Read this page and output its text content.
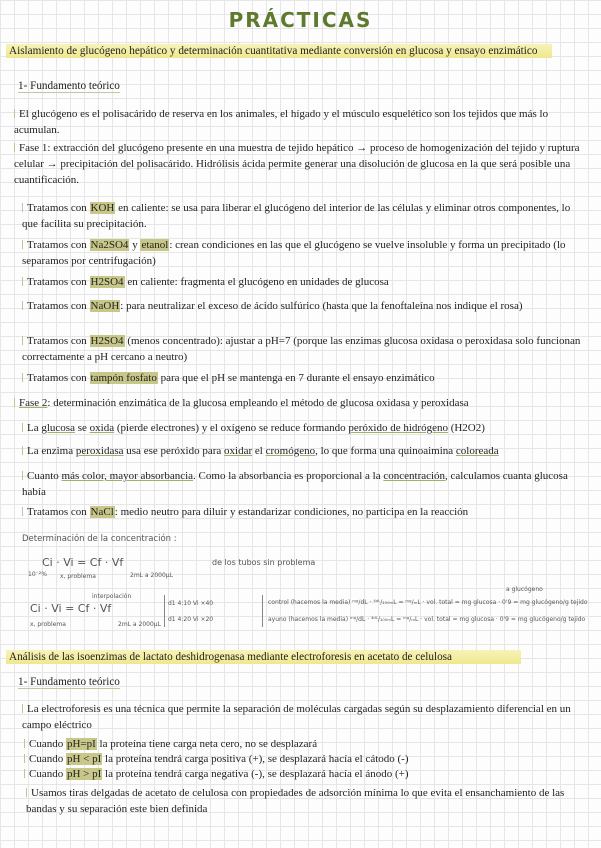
PRÁCTICAS
Aislamiento de glucógeno hepático y determinación cuantitativa mediante conversión en glucosa y ensayo enzimático
1- Fundamento teórico
El glucógeno es el polisacárido de reserva en los animales, el hígado y el músculo esquelético son los tejidos que más lo acumulan.
Fase 1: extracción del glucógeno presente en una muestra de tejido hepático → proceso de homogenización del tejido y ruptura celular → precipitación del polisacárido. Hidrólisis ácida permite generar una disolución de glucosa en la que será posible una cuantificación.
Tratamos con KOH en caliente: se usa para liberar el glucógeno del interior de las células y eliminar otros componentes, lo que facilita su precipitación.
Tratamos con Na2SO4 y etanol: crean condiciones en las que el glucógeno se vuelve insoluble y forma un precipitado (lo separamos por centrifugación)
Tratamos con H2SO4 en caliente: fragmenta el glucógeno en unidades de glucosa
Tratamos con NaOH: para neutralizar el exceso de ácido sulfúrico (hasta que la fenoftaleína nos indique el rosa)
Tratamos con H2SO4 (menos concentrado): ajustar a pH=7 (porque las enzimas glucosa oxidasa o peroxidasa solo funcionan correctamente a pH cercano a neutro)
Tratamos con tampón fosfato para que el pH se mantenga en 7 durante el ensayo enzimático
Fase 2: determinación enzimática de la glucosa empleando el método de glucosa oxidasa y peroxidasa
La glucosa se oxida (pierde electrones) y el oxígeno se reduce formando peróxido de hidrógeno (H2O2)
La enzima peroxidasa usa ese peróxido para oxidar el cromógeno, lo que forma una quinoaimina coloreada
Cuanto más color, mayor absorbancia. Como la absorbancia es proporcional a la concentración, calculamos cuanta glucosa había
Tratamos con NaCl: medio neutro para diluir y estandarizar condiciones, no participa en la reacción
Determinación de la concentración :
Ci · Vi = Cf · Vf
10⁻²% x, problema	2mL a 2000μL
de los tubos sin problema
interpolación
Ci · Vi = Cf · Vf
x, problema	2mL a 2000μL
d1 4:10 Vi ×40
d1 4:20 Vi ×20
a glucógeno
control (hacemos la media) ᵐᵍ/dL · ⁴ᵈᴸ/₁₀₀ₘL = ᵐᵍ/ₘL · vol. total = mg glucosa · 0'9 = mg glucógeno/g tejido
ayuno (hacemos la media) ᵐᵍ/dL · ⁴ᵈᴸ/₁₀₀ₘL = ᵐᵍ/ₘL · vol. total = mg glucosa · 0'9 = mg glucógeno/g tejido
Análisis de las isoenzimas de lactato deshidrogenasa mediante electroforesis en acetato de celulosa
1- Fundamento teórico
La electroforesis es una técnica que permite la separación de moléculas cargadas según su desplazamiento diferencial en un campo eléctrico
Cuando pH=pI la proteína tiene carga neta cero, no se desplazará
Cuando pH < pI la proteína tendrá carga positiva (+), se desplazará hacía el cátodo (-)
Cuando pH > pI la proteína tendrá carga negativa (-), se desplazará hacía el ánodo (+)
Usamos tiras delgadas de acetato de celulosa con propiedades de adsorción mínima lo que evita el ensanchamiento de las bandas y su separación este bien definida
